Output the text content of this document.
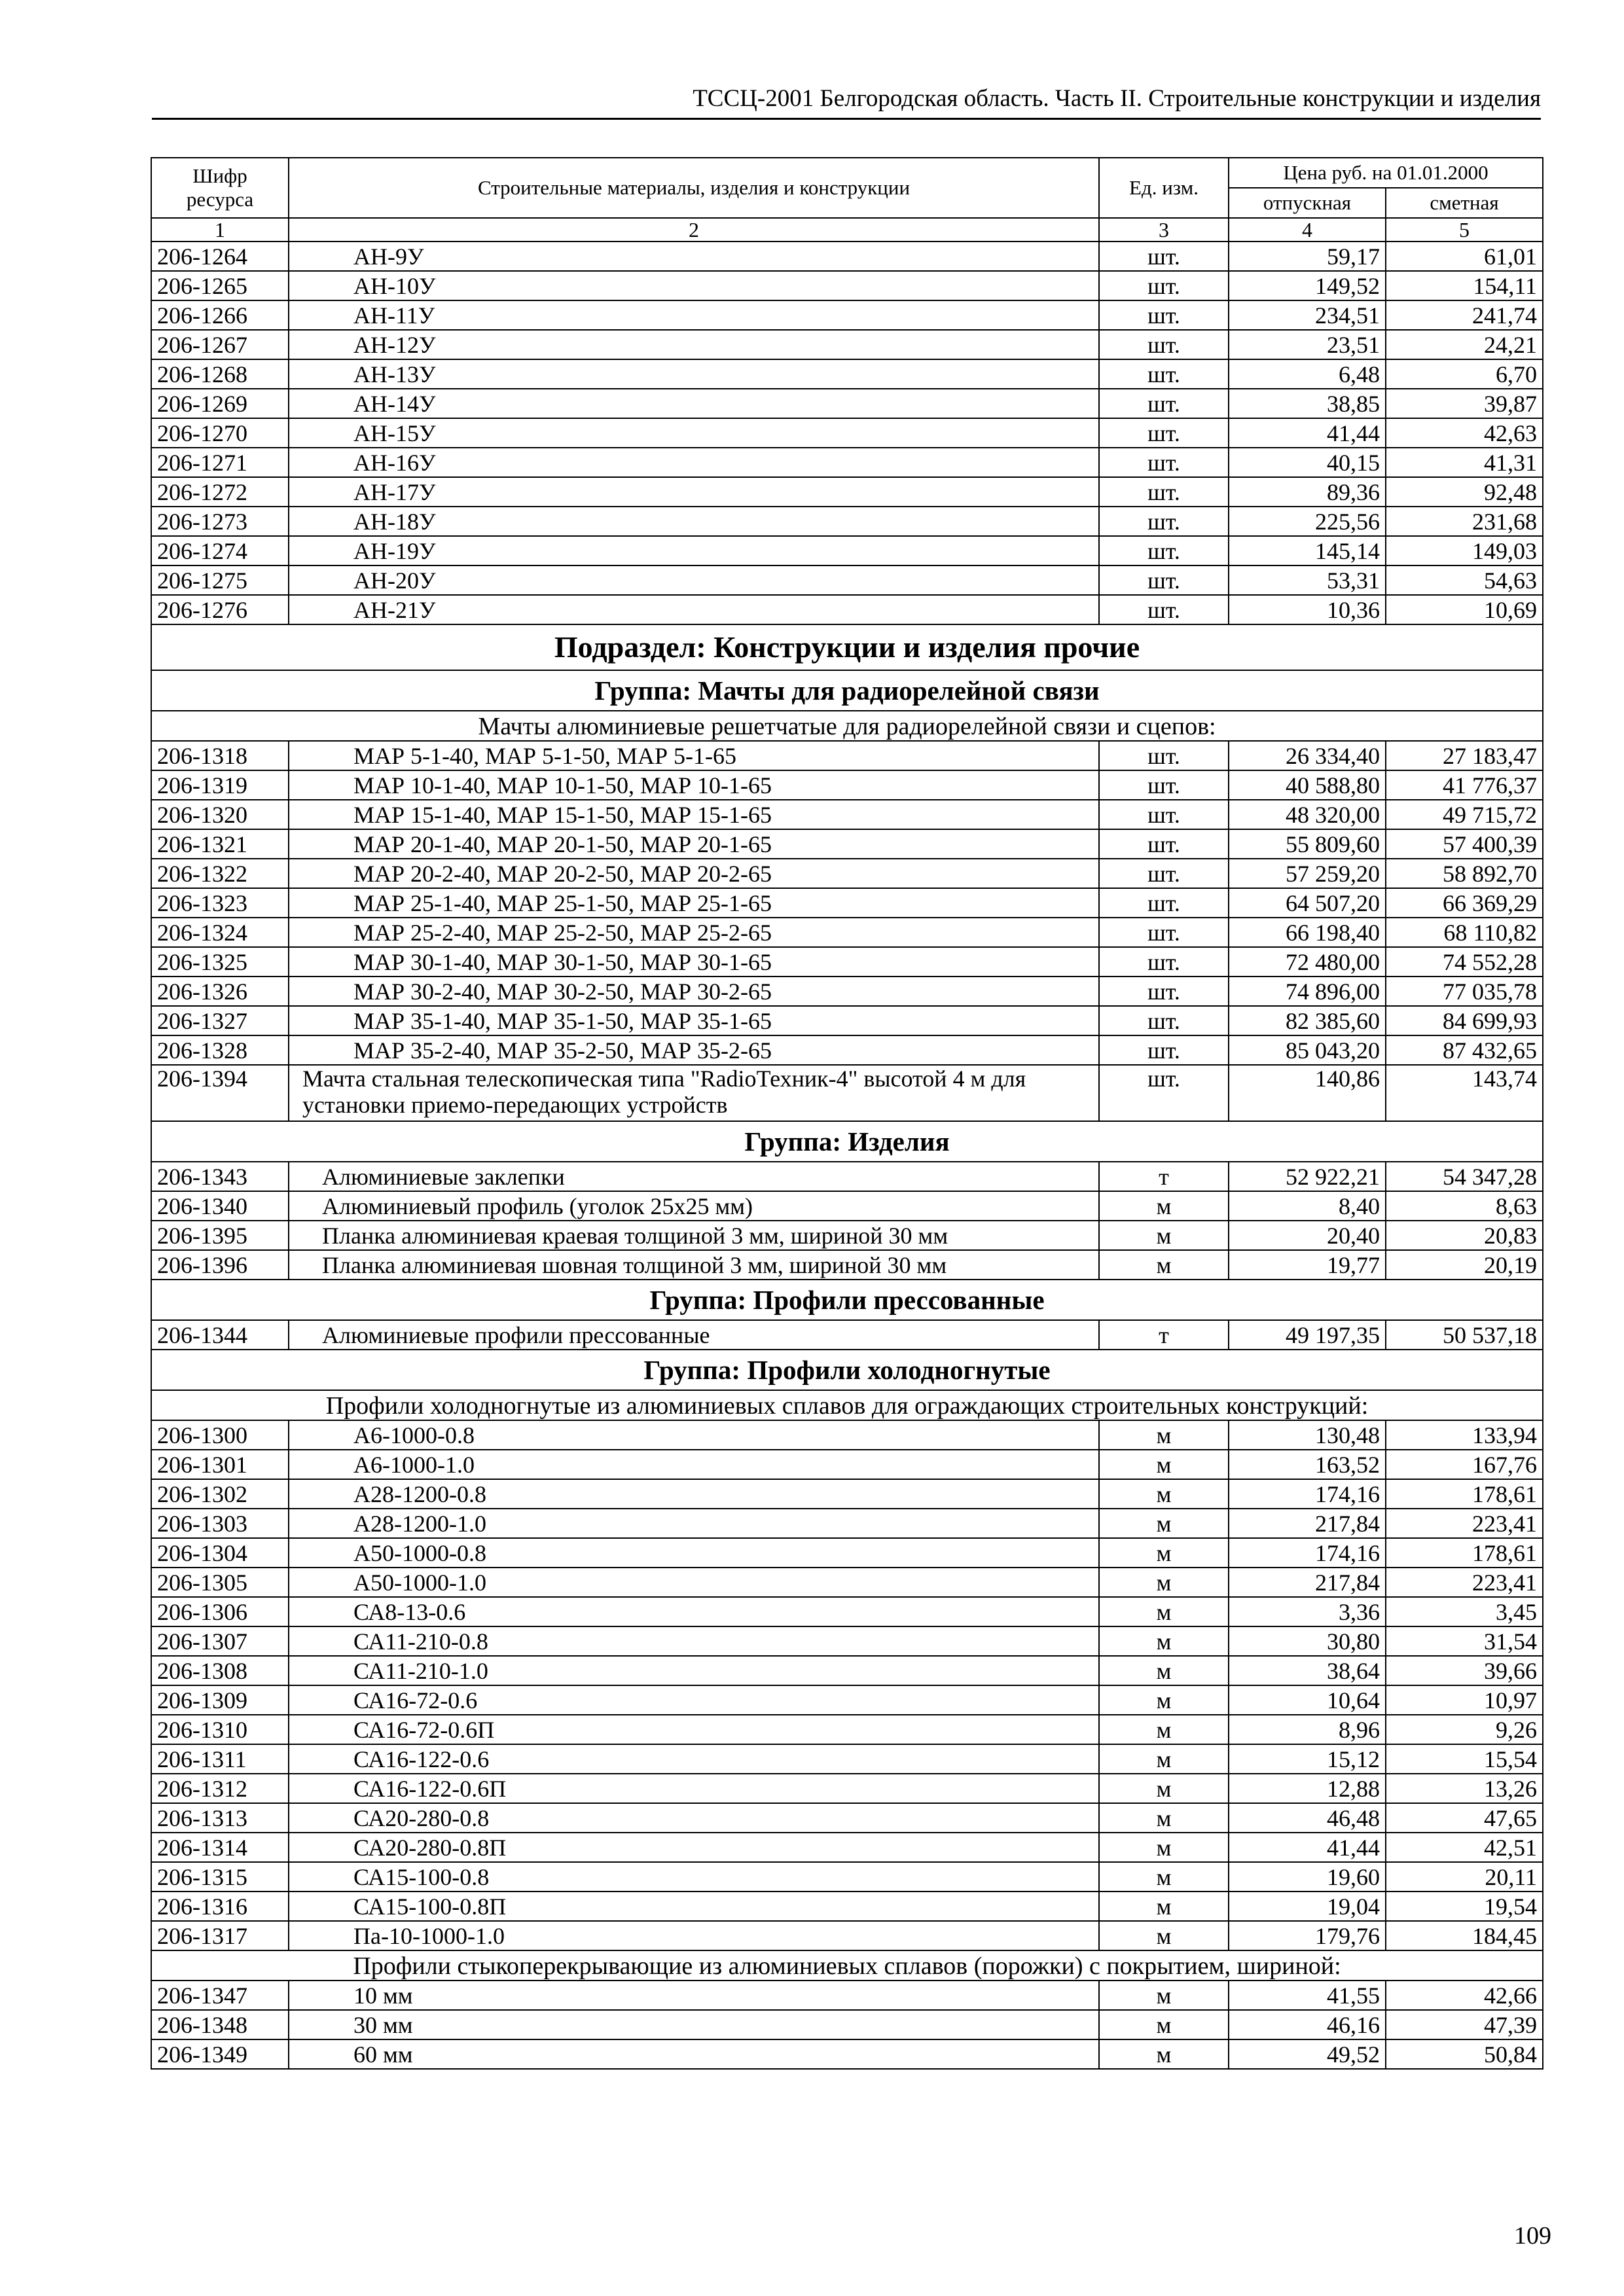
ТССЦ-2001 Белгородская область. Часть II. Строительные конструкции и изделия
Шифр ресурса	Строительные материалы, изделия и конструкции	Ед. изм.	Цена руб. на 01.01.2000	
			отпускная	сметная
1	2	3	4	5
206-1264	АН-9У	шт.	59,17	61,01
206-1265	АН-10У	шт.	149,52	154,11
206-1266	АН-11У	шт.	234,51	241,74
206-1267	АН-12У	шт.	23,51	24,21
206-1268	АН-13У	шт.	6,48	6,70
206-1269	АН-14У	шт.	38,85	39,87
206-1270	АН-15У	шт.	41,44	42,63
206-1271	АН-16У	шт.	40,15	41,31
206-1272	АН-17У	шт.	89,36	92,48
206-1273	АН-18У	шт.	225,56	231,68
206-1274	АН-19У	шт.	145,14	149,03
206-1275	АН-20У	шт.	53,31	54,63
206-1276	АН-21У	шт.	10,36	10,69
Подраздел: Конструкции и изделия прочие				
Группа: Мачты для радиорелейной связи				
Мачты алюминиевые решетчатые для радиорелейной связи и сцепов:				
206-1318	МАР 5-1-40, МАР 5-1-50, МАР 5-1-65	шт.	26 334,40	27 183,47
206-1319	МАР 10-1-40, МАР 10-1-50, МАР 10-1-65	шт.	40 588,80	41 776,37
206-1320	МАР 15-1-40, МАР 15-1-50, МАР 15-1-65	шт.	48 320,00	49 715,72
206-1321	МАР 20-1-40, МАР 20-1-50, МАР 20-1-65	шт.	55 809,60	57 400,39
206-1322	МАР 20-2-40, МАР 20-2-50, МАР 20-2-65	шт.	57 259,20	58 892,70
206-1323	МАР 25-1-40, МАР 25-1-50, МАР 25-1-65	шт.	64 507,20	66 369,29
206-1324	МАР 25-2-40, МАР 25-2-50, МАР 25-2-65	шт.	66 198,40	68 110,82
206-1325	МАР 30-1-40, МАР 30-1-50, МАР 30-1-65	шт.	72 480,00	74 552,28
206-1326	МАР 30-2-40, МАР 30-2-50, МАР 30-2-65	шт.	74 896,00	77 035,78
206-1327	МАР 35-1-40, МАР 35-1-50, МАР 35-1-65	шт.	82 385,60	84 699,93
206-1328	МАР 35-2-40, МАР 35-2-50, МАР 35-2-65	шт.	85 043,20	87 432,65
206-1394	Мачта стальная телескопическая типа "RadioТехник-4" высотой 4 м для установки приемо-передающих устройств	шт.	140,86	143,74
Группа: Изделия				
206-1343	Алюминиевые заклепки	т	52 922,21	54 347,28
206-1340	Алюминиевый профиль (уголок 25х25 мм)	м	8,40	8,63
206-1395	Планка алюминиевая краевая толщиной 3 мм, шириной 30 мм	м	20,40	20,83
206-1396	Планка алюминиевая шовная толщиной 3 мм, шириной 30 мм	м	19,77	20,19
Группа: Профили прессованные				
206-1344	Алюминиевые профили прессованные	т	49 197,35	50 537,18
Группа: Профили холодногнутые				
Профили холодногнутые из алюминиевых сплавов для ограждающих строительных конструкций:				
206-1300	А6-1000-0.8	м	130,48	133,94
206-1301	А6-1000-1.0	м	163,52	167,76
206-1302	А28-1200-0.8	м	174,16	178,61
206-1303	А28-1200-1.0	м	217,84	223,41
206-1304	А50-1000-0.8	м	174,16	178,61
206-1305	А50-1000-1.0	м	217,84	223,41
206-1306	СА8-13-0.6	м	3,36	3,45
206-1307	СА11-210-0.8	м	30,80	31,54
206-1308	СА11-210-1.0	м	38,64	39,66
206-1309	СА16-72-0.6	м	10,64	10,97
206-1310	СА16-72-0.6П	м	8,96	9,26
206-1311	СА16-122-0.6	м	15,12	15,54
206-1312	СА16-122-0.6П	м	12,88	13,26
206-1313	СА20-280-0.8	м	46,48	47,65
206-1314	СА20-280-0.8П	м	41,44	42,51
206-1315	СА15-100-0.8	м	19,60	20,11
206-1316	СА15-100-0.8П	м	19,04	19,54
206-1317	Па-10-1000-1.0	м	179,76	184,45
Профили стыкоперекрывающие из алюминиевых сплавов (порожки) с покрытием, шириной:				
206-1347	10 мм	м	41,55	42,66
206-1348	30 мм	м	46,16	47,39
206-1349	60 мм	м	49,52	50,84
109
